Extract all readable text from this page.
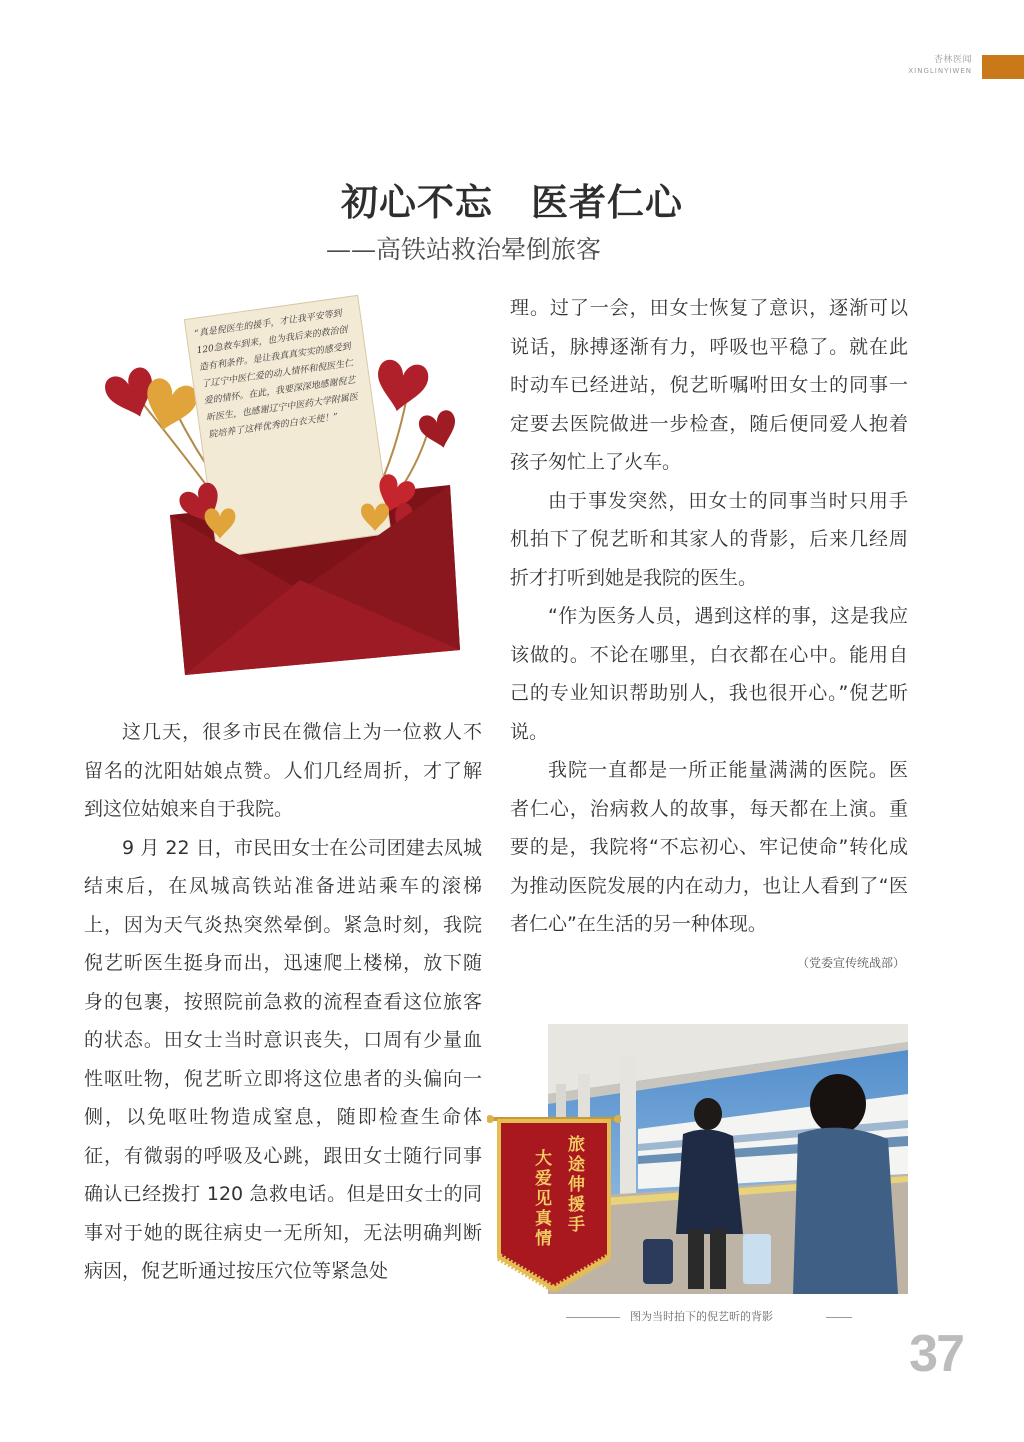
杏林医闻
XINGLINYIWEN
初心不忘　医者仁心
——高铁站救治晕倒旅客
“真是倪医生的援手，才让我平安等到120急救车到来，也为我后来的救治创造有利条件。是让我真真实实的感受到了辽宁中医仁爱的动人情怀和倪医生仁爱的情怀。在此，我要深深地感谢倪艺昕医生，也感谢辽宁中医药大学附属医院培养了这样优秀的白衣天使！”

这几天，很多市民在微信上为一位救人不留名的沈阳姑娘点赞。人们几经周折，才了解到这位姑娘来自于我院。

9 月 22 日，市民田女士在公司团建去凤城结束后，在凤城高铁站准备进站乘车的滚梯上，因为天气炎热突然晕倒。紧急时刻，我院倪艺昕医生挺身而出，迅速爬上楼梯，放下随身的包裹，按照院前急救的流程查看这位旅客的状态。田女士当时意识丧失，口周有少量血性呕吐物，倪艺昕立即将这位患者的头偏向一侧，以免呕吐物造成窒息，随即检查生命体征，有微弱的呼吸及心跳，跟田女士随行同事确认已经拨打 120 急救电话。但是田女士的同事对于她的既往病史一无所知，无法明确判断病因，倪艺昕通过按压穴位等紧急处

理。过了一会，田女士恢复了意识，逐渐可以说话，脉搏逐渐有力，呼吸也平稳了。就在此时动车已经进站，倪艺昕嘱咐田女士的同事一定要去医院做进一步检查，随后便同爱人抱着孩子匆忙上了火车。

由于事发突然，田女士的同事当时只用手机拍下了倪艺昕和其家人的背影，后来几经周折才打听到她是我院的医生。

“作为医务人员，遇到这样的事，这是我应该做的。不论在哪里，白衣都在心中。能用自己的专业知识帮助别人，我也很开心。”倪艺昕说。

我院一直都是一所正能量满满的医院。医者仁心，治病救人的故事，每天都在上演。重要的是，我院将“不忘初心、牢记使命”转化成为推动医院发展的内在动力，也让人看到了“医者仁心”在生活的另一种体现。

（党委宣传统战部）
旅途伸援手
大爱见真情
图为当时拍下的倪艺昕的背影
37
